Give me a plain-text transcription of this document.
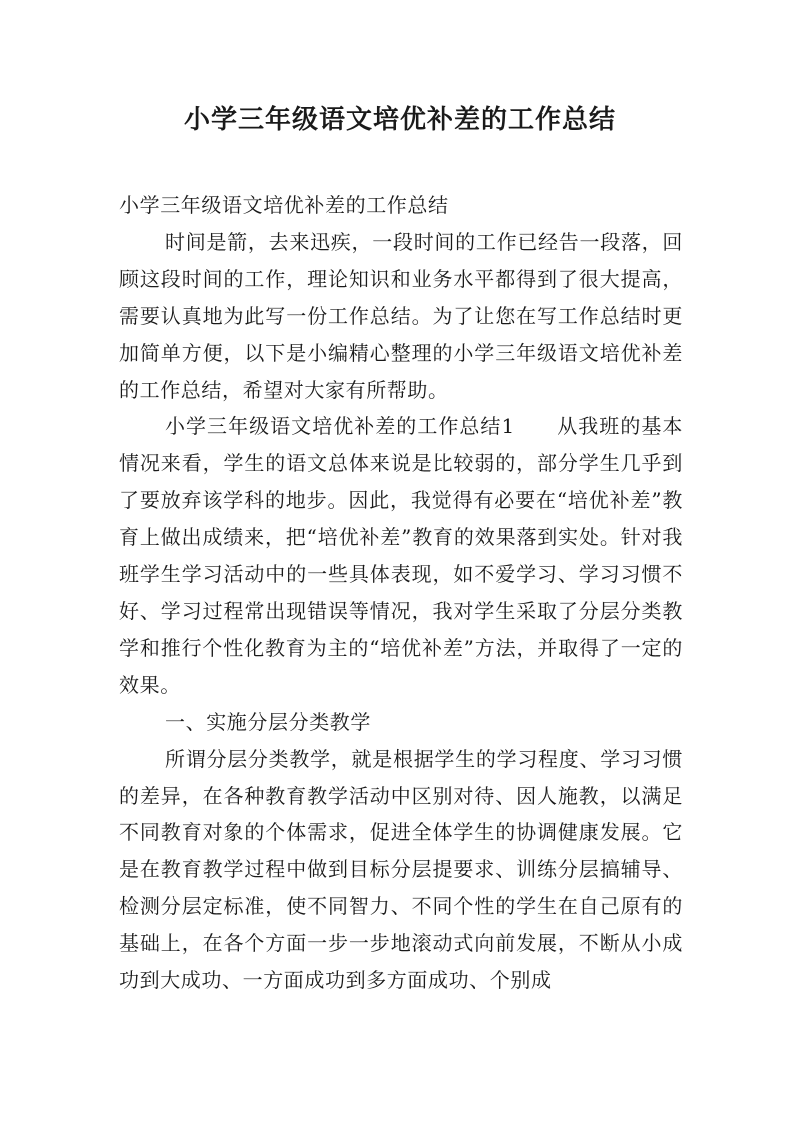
小学三年级语文培优补差的工作总结

小学三年级语文培优补差的工作总结

时间是箭，去来迅疾，一段时间的工作已经告一段落，回顾这段时间的工作，理论知识和业务水平都得到了很大提高，需要认真地为此写一份工作总结。为了让您在写工作总结时更加简单方便，以下是小编精心整理的小学三年级语文培优补差的工作总结，希望对大家有所帮助。

小学三年级语文培优补差的工作总结1　　从我班的基本情况来看，学生的语文总体来说是比较弱的，部分学生几乎到了要放弃该学科的地步。因此，我觉得有必要在“培优补差”教育上做出成绩来，把“培优补差”教育的效果落到实处。针对我班学生学习活动中的一些具体表现，如不爱学习、学习习惯不好、学习过程常出现错误等情况，我对学生采取了分层分类教学和推行个性化教育为主的“培优补差”方法，并取得了一定的效果。

一、实施分层分类教学

所谓分层分类教学，就是根据学生的学习程度、学习习惯的差异，在各种教育教学活动中区别对待、因人施教，以满足不同教育对象的个体需求，促进全体学生的协调健康发展。它是在教育教学过程中做到目标分层提要求、训练分层搞辅导、检测分层定标准，使不同智力、不同个性的学生在自己原有的基础上，在各个方面一步一步地滚动式向前发展，不断从小成功到大成功、一方面成功到多方面成功、个别成
